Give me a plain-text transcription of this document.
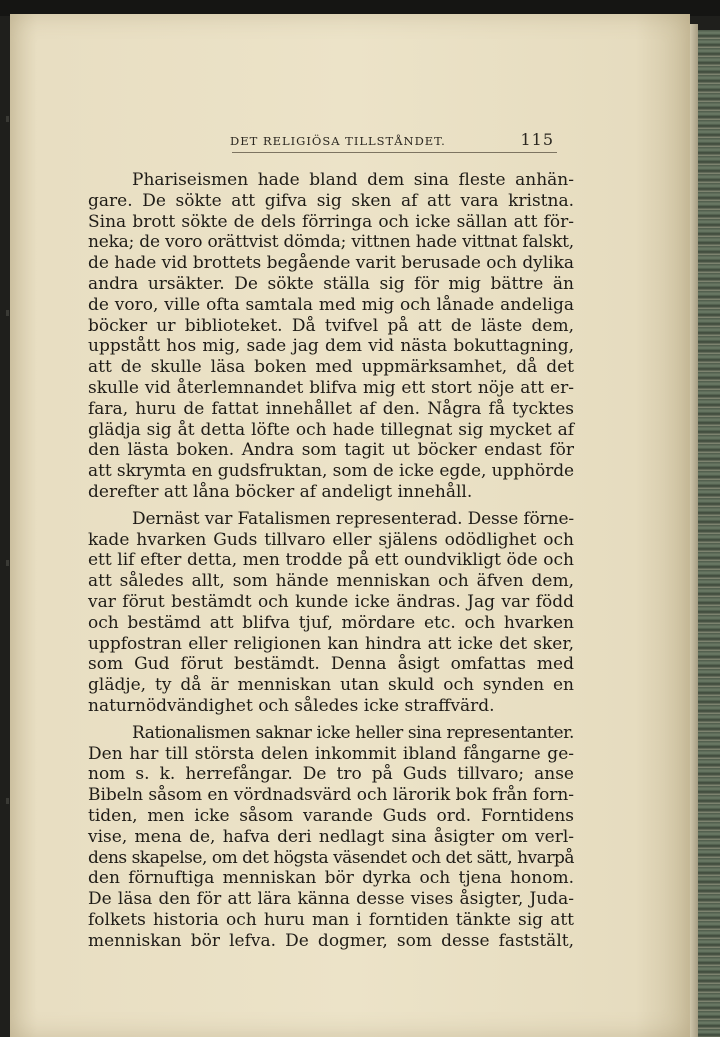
DET RELIGIÖSA TILLSTÅNDET.	115
Phariseismen hade bland dem sina fleste anhän-
gare. De sökte att gifva sig sken af att vara kristna.
Sina brott sökte de dels förringa och icke sällan att för-
neka; de voro orättvist dömda; vittnen hade vittnat falskt,
de hade vid brottets begående varit berusade och dylika
andra ursäkter. De sökte ställa sig för mig bättre än
de voro, ville ofta samtala med mig och lånade andeliga
böcker ur biblioteket. Då tvifvel på att de läste dem,
uppstått hos mig, sade jag dem vid nästa bokuttagning,
att de skulle läsa boken med uppmärksamhet, då det
skulle vid återlemnandet blifva mig ett stort nöje att er-
fara, huru de fattat innehållet af den. Några få tycktes
glädja sig åt detta löfte och hade tillegnat sig mycket af
den lästa boken. Andra som tagit ut böcker endast för
att skrymta en gudsfruktan, som de icke egde, upphörde
derefter att låna böcker af andeligt innehåll.
Dernäst var Fatalismen representerad. Desse förne-
kade hvarken Guds tillvaro eller själens odödlighet och
ett lif efter detta, men trodde på ett oundvikligt öde och
att således allt, som hände menniskan och äfven dem,
var förut bestämdt och kunde icke ändras. Jag var född
och bestämd att blifva tjuf, mördare etc. och hvarken
uppfostran eller religionen kan hindra att icke det sker,
som Gud förut bestämdt. Denna åsigt omfattas med
glädje, ty då är menniskan utan skuld och synden en
naturnödvändighet och således icke straffvärd.
Rationalismen saknar icke heller sina representanter.
Den har till största delen inkommit ibland fångarne ge-
nom s. k. herrefångar. De tro på Guds tillvaro; anse
Bibeln såsom en vördnadsvärd och lärorik bok från forn-
tiden, men icke såsom varande Guds ord. Forntidens
vise, mena de, hafva deri nedlagt sina åsigter om verl-
dens skapelse, om det högsta väsendet och det sätt, hvarpå
den förnuftiga menniskan bör dyrka och tjena honom.
De läsa den för att lära känna desse vises åsigter, Juda-
folkets historia och huru man i forntiden tänkte sig att
menniskan bör lefva. De dogmer, som desse faststält,
